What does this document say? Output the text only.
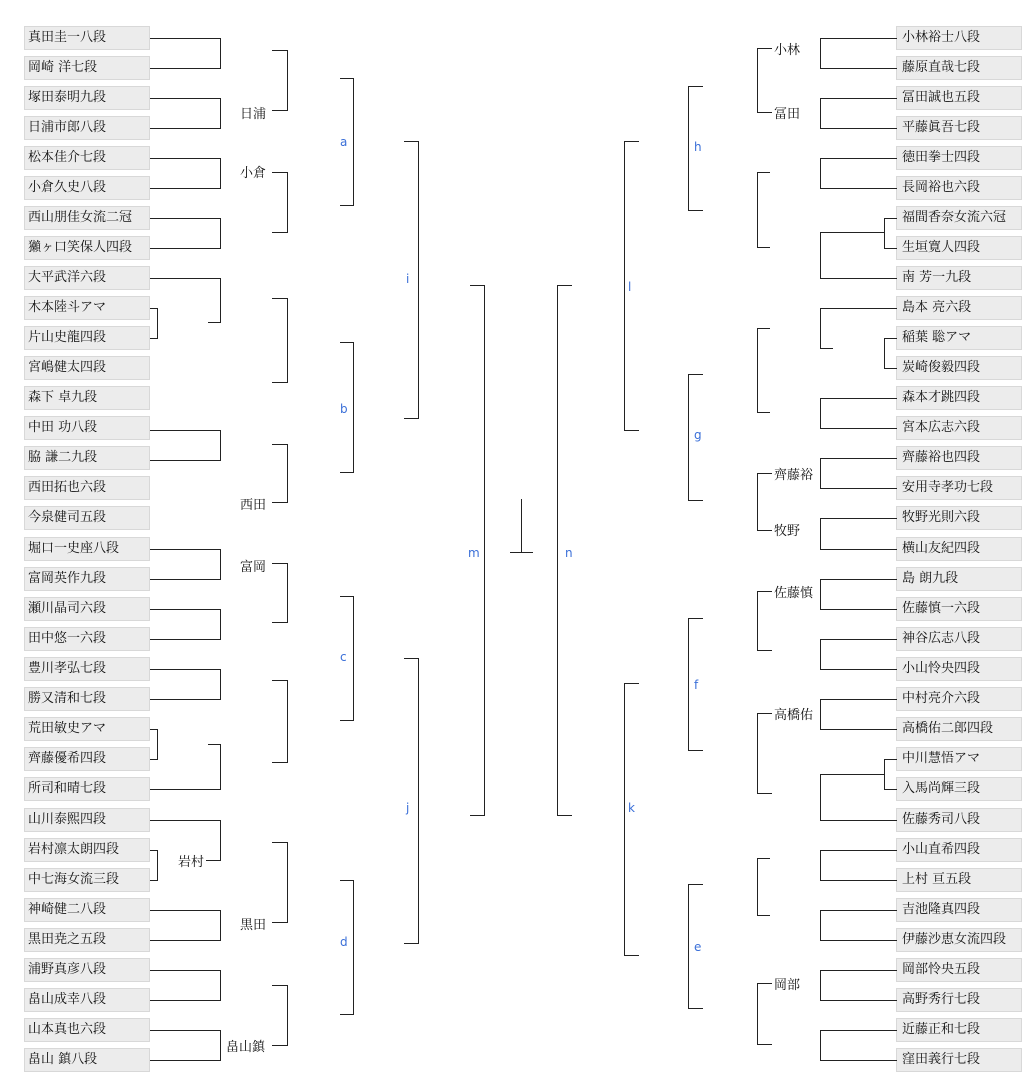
真田圭一八段
岡崎 洋七段
塚田泰明九段
日浦市郎八段
松本佳介七段
小倉久史八段
西山朋佳女流二冠
獺ヶ口笑保人四段
大平武洋六段
木本陸斗アマ
片山史龍四段
宮嶋健太四段
森下 卓九段
中田 功八段
脇 謙二九段
西田拓也六段
今泉健司五段
堀口一史座八段
富岡英作九段
瀬川晶司六段
田中悠一六段
豊川孝弘七段
勝又清和七段
荒田敏史アマ
齊藤優希四段
所司和晴七段
山川泰熙四段
岩村凛太朗四段
中七海女流三段
神崎健二八段
黒田尭之五段
浦野真彦八段
畠山成幸八段
山本真也六段
畠山 鎮八段
小林裕士八段
藤原直哉七段
冨田誠也五段
平藤眞吾七段
徳田拳士四段
長岡裕也六段
福間香奈女流六冠
生垣寛人四段
南 芳一九段
島本 亮六段
稲葉 聡アマ
炭崎俊毅四段
森本才跳四段
宮本広志六段
齊藤裕也四段
安用寺孝功七段
牧野光則六段
横山友紀四段
島 朗九段
佐藤慎一六段
神谷広志八段
小山怜央四段
中村亮介六段
高橋佑二郎四段
中川慧悟アマ
入馬尚輝三段
佐藤秀司八段
小山直希四段
上村 亘五段
吉池隆真四段
伊藤沙恵女流四段
岡部怜央五段
高野秀行七段
近藤正和七段
窪田義行七段
日浦
小倉
西田
富岡
岩村
黒田
畠山鎮
小林
冨田
齊藤裕
牧野
佐藤慎
高橋佑
岡部
a
b
c
d
i
j
m	n
l
k
h
g
f
e
